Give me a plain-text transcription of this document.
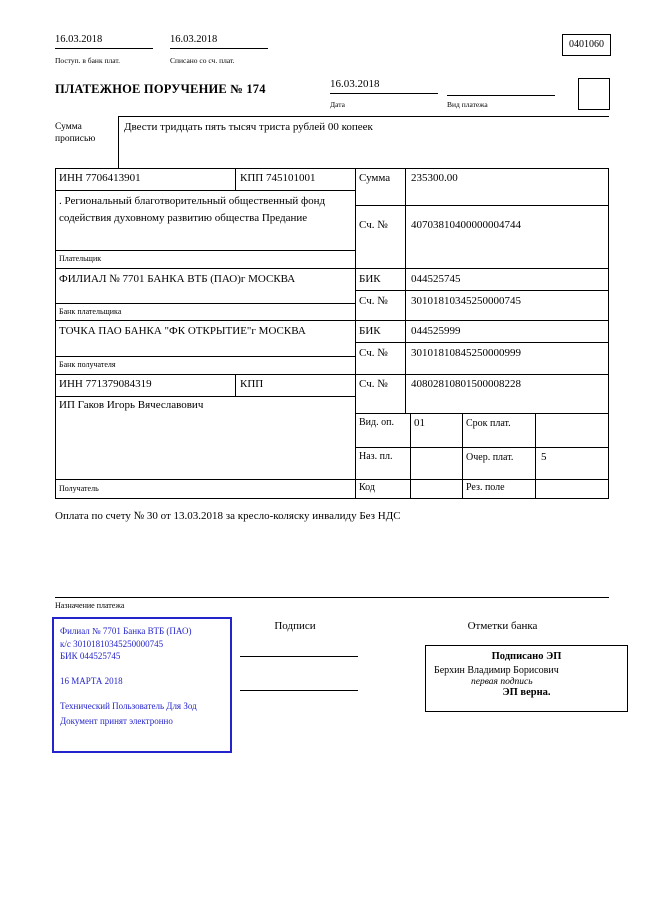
16.03.2018
Поступ. в банк плат.
16.03.2018
Списано со сч. плат.
0401060
ПЛАТЕЖНОЕ ПОРУЧЕНИЕ № 174	16.03.2018
Дата	Вид платежа
Сумма прописью
Двести тридцать пять тысяч триста рублей 00 копеек
ИНН 7706413901	КПП 745101001	Сумма 235300.00
. Региональный благотворительный общественный фонд содействия духовному развитию общества Предание
Сч. № 40703810400000004744
Плательщик
ФИЛИАЛ № 7701 БАНКА ВТБ (ПАО)г МОСКВА	БИК	044525745
Сч. № 30101810345250000745
Банк плательщика
ТОЧКА ПАО БАНКА "ФК ОТКРЫТИЕ"г МОСКВА	БИК	044525999
Сч. № 30101810845250000999
Банк получателя
ИНН 771379084319	КПП	Сч. № 40802810801500008228
ИП Гаков Игорь Вячеславович
Получатель
Вид. оп. 01	Срок плат.
Наз. пл.	Очер. плат.	5
Код	Рез. поле
Оплата по счету № 30 от 13.03.2018 за кресло-коляску инвалиду Без НДС
Назначение платежа
Подписи	Отметки банка
Филиал № 7701 Банка ВТБ (ПАО)
к/с 30101810345250000745
БИК 044525745
16 МАРТА 2018
Технический Пользователь Для Зод
Документ принят электронно
Подписано ЭП
Берхин Владимир Борисович
первая подпись
ЭП верна.
